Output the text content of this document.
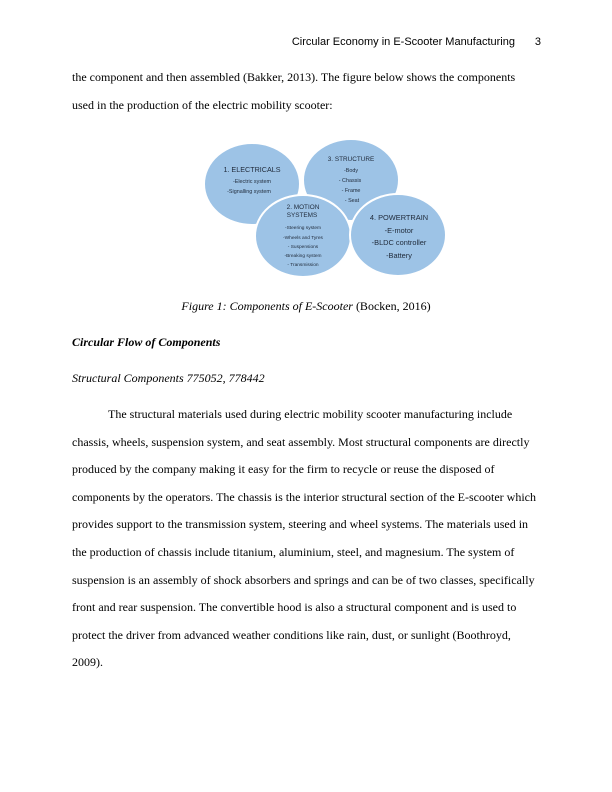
Circular Economy in E-Scooter Manufacturing 3
the component and then assembled (Bakker, 2013). The figure below shows the components
used in the production of the electric mobility scooter:
1. ELECTRICALS
-Electric system
-Signalling system
3. STRUCTURE
-Body
- Chassis
- Frame
- Seat
2. MOTION
SYSTEMS
-Steering system
-Wheels and Tyres
- Suspensions
-Breaking system
- Transmission
4. POWERTRAIN
-E-motor
-BLDC controller
-Battery
Figure 1: Components of E-Scooter (Bocken, 2016)
Circular Flow of Components
Structural Components 775052, 778442
The structural materials used during electric mobility scooter manufacturing include
chassis, wheels, suspension system, and seat assembly. Most structural components are directly
produced by the company making it easy for the firm to recycle or reuse the disposed of
components by the operators. The chassis is the interior structural section of the E-scooter which
provides support to the transmission system, steering and wheel systems. The materials used in
the production of chassis include titanium, aluminium, steel, and magnesium. The system of
suspension is an assembly of shock absorbers and springs and can be of two classes, specifically
front and rear suspension. The convertible hood is also a structural component and is used to
protect the driver from advanced weather conditions like rain, dust, or sunlight (Boothroyd,
2009).
